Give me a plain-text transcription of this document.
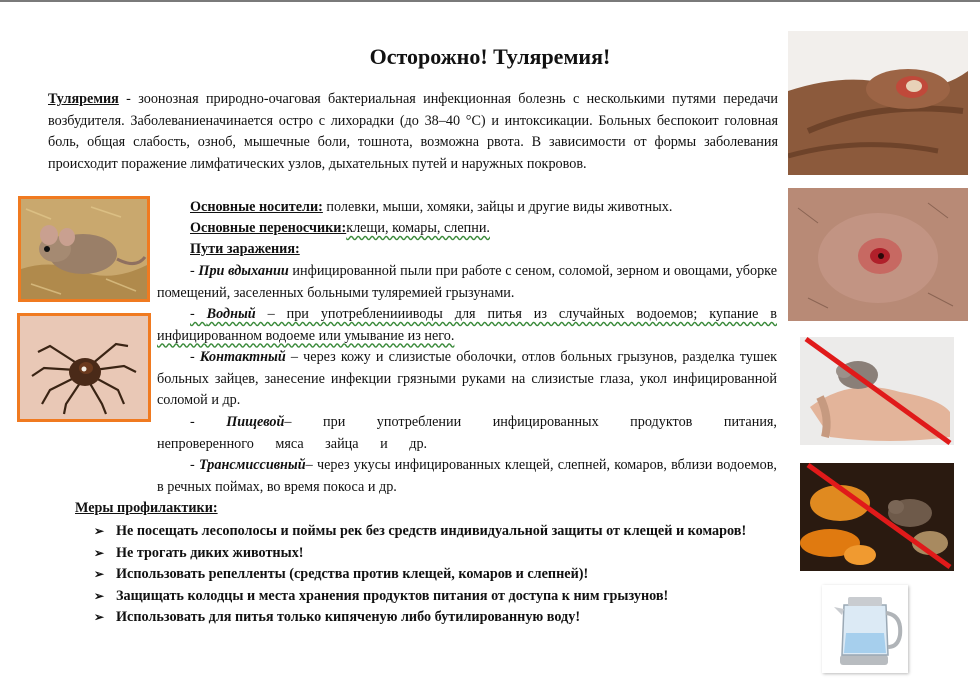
Осторожно! Туляремия!
Туляремия - зоонозная природно-очаговая бактериальная инфекционная болезнь с несколькими путями передачи возбудителя. Заболеваниеначинается остро с лихорадки (до 38–40 °С) и интоксикации. Больных беспокоит головная боль, общая слабость, озноб, мышечные боли, тошнота, возможна рвота. В зависимости от формы заболевания происходит поражение лимфатических узлов, дыхательных путей и наружных покровов.
Основные носители: полевки, мыши, хомяки, зайцы и другие виды животных.
Основные переносчики:клещи, комары, слепни.
Пути заражения:
- При вдыхании инфицированной пыли при работе с сеном, соломой, зерном и овощами, уборке помещений, заселенных больными туляремией грызунами.
- Водный – при употреблениииводы для питья из случайных водоемов; купание в инфицированном водоеме или умывание из него.
- Контактный – через кожу и слизистые оболочки, отлов больных грызунов, разделка тушек больных зайцев, занесение инфекции грязными руками на слизистые глаза, укол инфицированной соломой и др.
- Пищевой– при употреблении инфицированных продуктов питания, непроверенного мяса зайца и др.
- Трансмиссивный– через укусы инфицированных клещей, слепней, комаров, вблизи водоемов, в речных поймах, во время покоса и др.
Меры профилактики:
➢ Не посещать лесополосы и поймы рек без средств индивидуальной защиты от клещей и комаров!
➢ Не трогать диких животных!
➢ Использовать репелленты (средства против клещей, комаров и слепней)!
➢ Защищать колодцы и места хранения продуктов питания от доступа к ним грызунов!
➢ Использовать для питья только кипяченую либо бутилированную воду!
